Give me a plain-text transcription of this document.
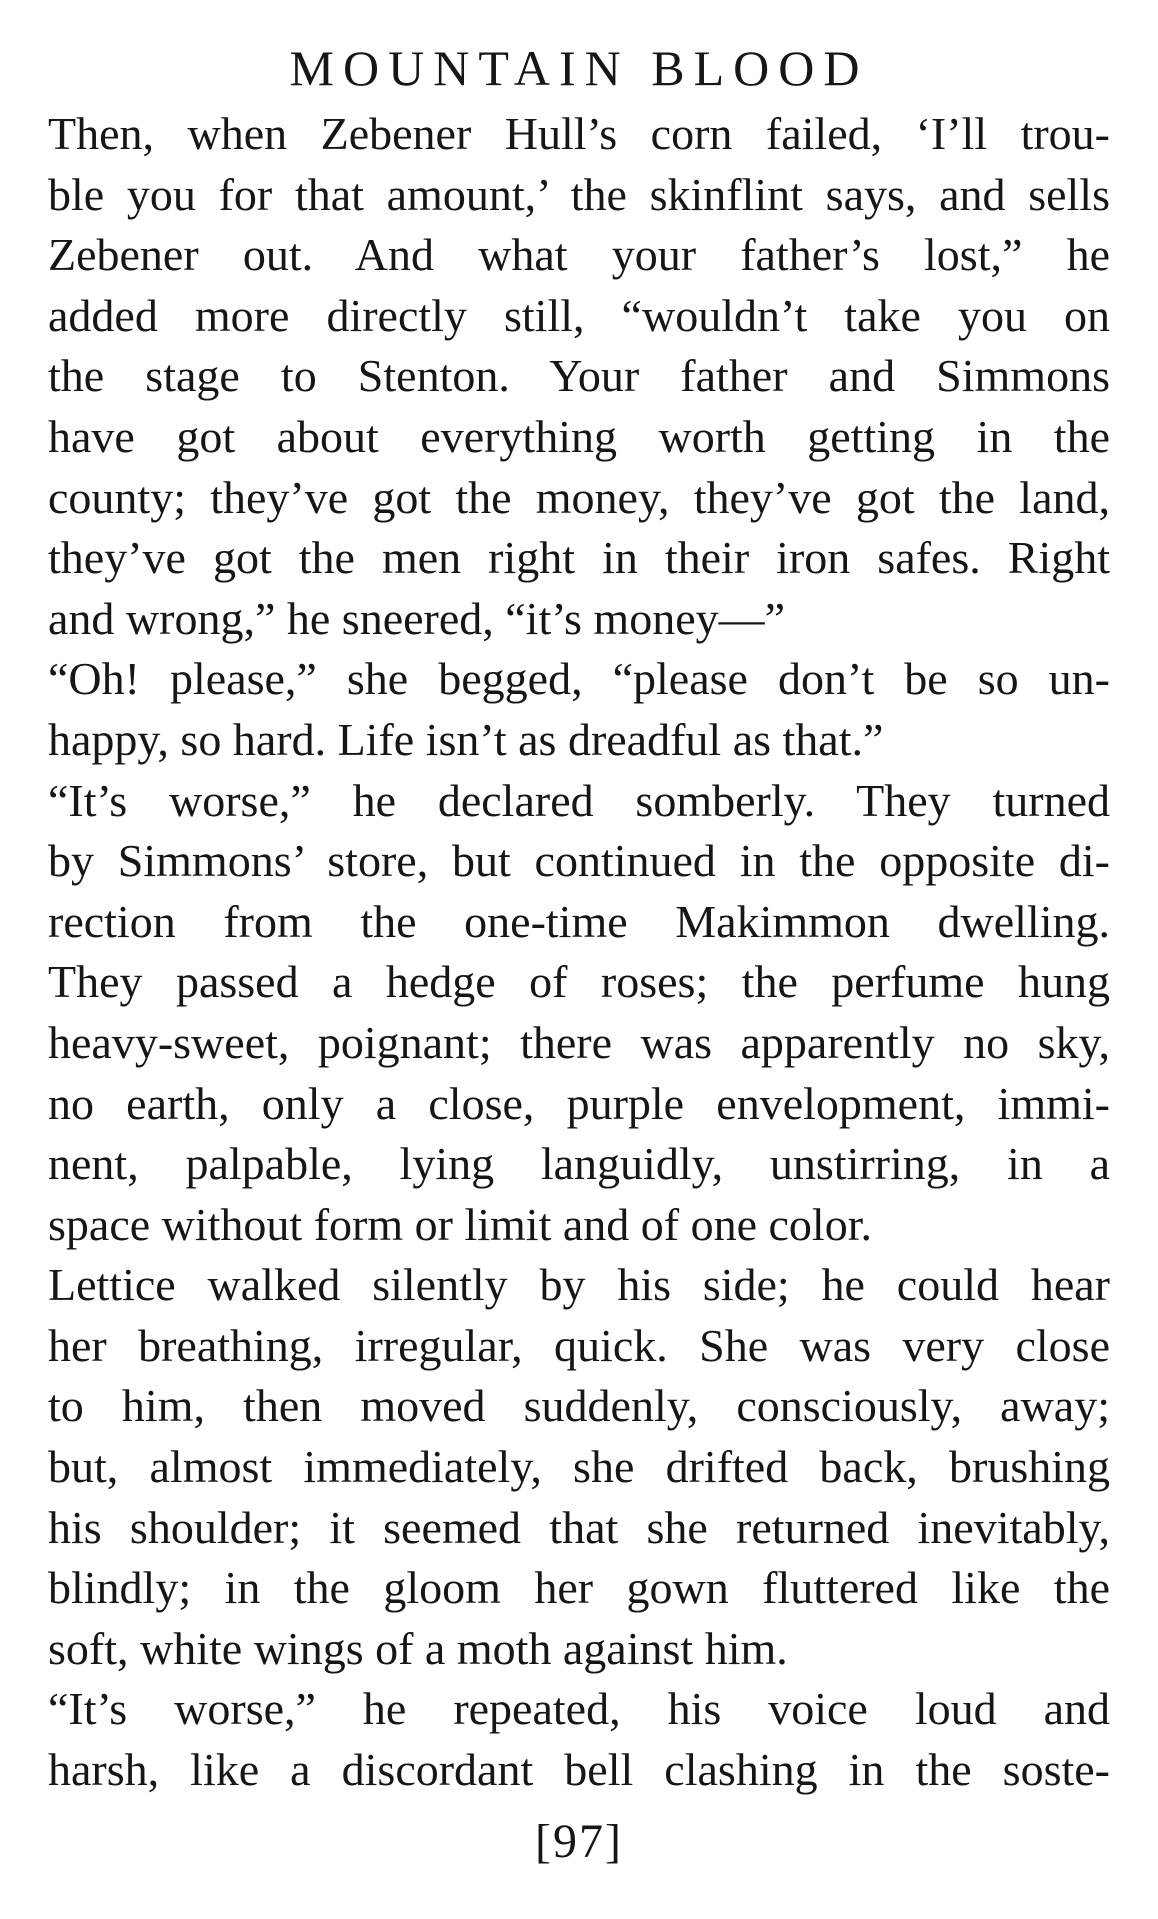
MOUNTAIN BLOOD
Then, when Zebener Hull’s corn failed, ‘I’ll trou-
ble you for that amount,’ the skinflint says, and sells
Zebener out. And what your father’s lost,” he
added more directly still, “wouldn’t take you on
the stage to Stenton. Your father and Simmons
have got about everything worth getting in the
county; they’ve got the money, they’ve got the land,
they’ve got the men right in their iron safes. Right
and wrong,” he sneered, “it’s money—”
“Oh! please,” she begged, “please don’t be so un-
happy, so hard. Life isn’t as dreadful as that.”
“It’s worse,” he declared somberly. They turned
by Simmons’ store, but continued in the opposite di-
rection from the one-time Makimmon dwelling.
They passed a hedge of roses; the perfume hung
heavy-sweet, poignant; there was apparently no sky,
no earth, only a close, purple envelopment, immi-
nent, palpable, lying languidly, unstirring, in a
space without form or limit and of one color.
Lettice walked silently by his side; he could hear
her breathing, irregular, quick. She was very close
to him, then moved suddenly, consciously, away;
but, almost immediately, she drifted back, brushing
his shoulder; it seemed that she returned inevitably,
blindly; in the gloom her gown fluttered like the
soft, white wings of a moth against him.
“It’s worse,” he repeated, his voice loud and
harsh, like a discordant bell clashing in the soste-
[97]
